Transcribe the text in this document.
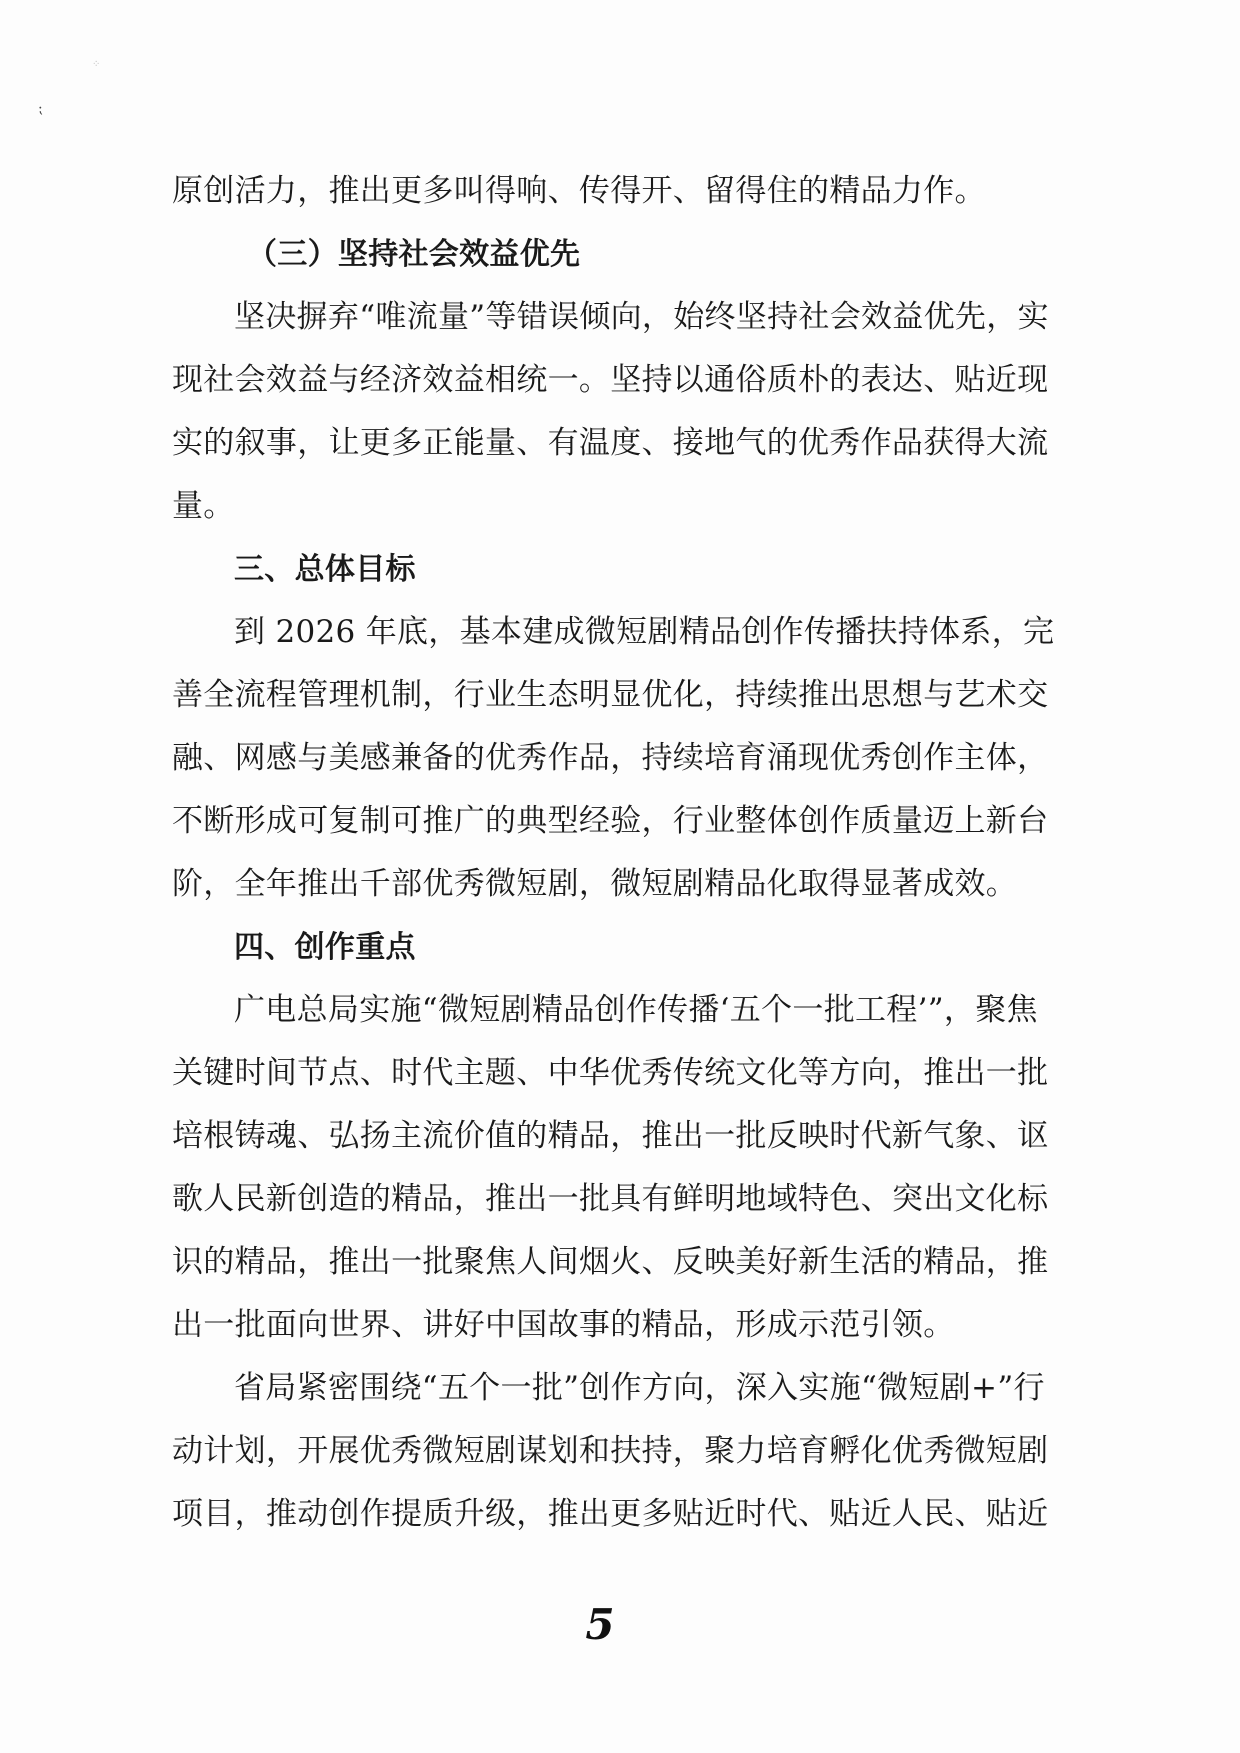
⁘
⁏
原创活力，推出更多叫得响、传得开、留得住的精品力作。
（三）坚持社会效益优先
坚决摒弃“唯流量”等错误倾向，始终坚持社会效益优先，实
现社会效益与经济效益相统一。坚持以通俗质朴的表达、贴近现
实的叙事，让更多正能量、有温度、接地气的优秀作品获得大流
量。
三、总体目标
到 2026 年底，基本建成微短剧精品创作传播扶持体系，完
善全流程管理机制，行业生态明显优化，持续推出思想与艺术交
融、网感与美感兼备的优秀作品，持续培育涌现优秀创作主体，
不断形成可复制可推广的典型经验，行业整体创作质量迈上新台
阶，全年推出千部优秀微短剧，微短剧精品化取得显著成效。
四、创作重点
广电总局实施“微短剧精品创作传播‘五个一批工程’”，聚焦
关键时间节点、时代主题、中华优秀传统文化等方向，推出一批
培根铸魂、弘扬主流价值的精品，推出一批反映时代新气象、讴
歌人民新创造的精品，推出一批具有鲜明地域特色、突出文化标
识的精品，推出一批聚焦人间烟火、反映美好新生活的精品，推
出一批面向世界、讲好中国故事的精品，形成示范引领。
省局紧密围绕“五个一批”创作方向，深入实施“微短剧+”行
动计划，开展优秀微短剧谋划和扶持，聚力培育孵化优秀微短剧
项目，推动创作提质升级，推出更多贴近时代、贴近人民、贴近
5
